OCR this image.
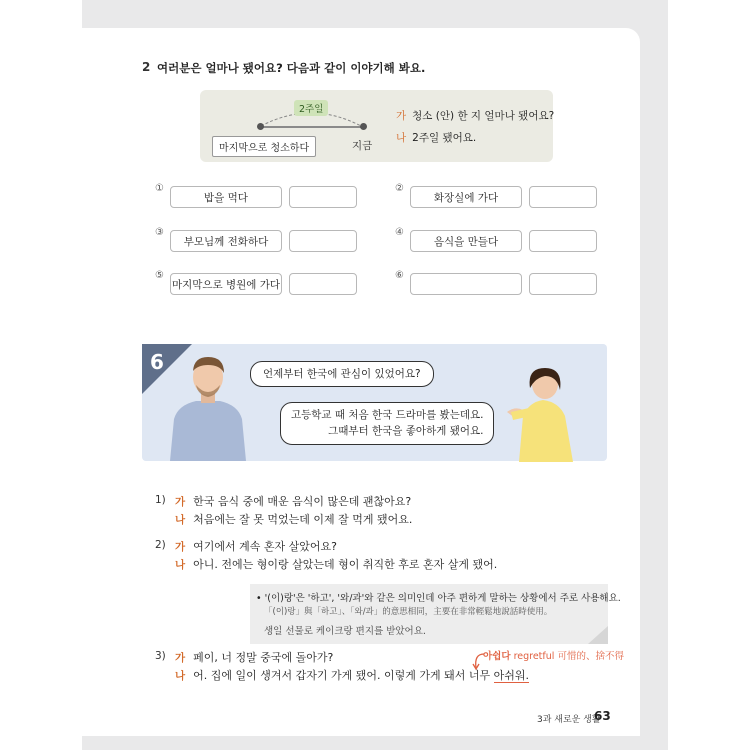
2 여러분은 얼마나 됐어요? 다음과 같이 이야기해 봐요.
2주일
마지막으로 청소하다	지금
가 청소 (안) 한 지 얼마나 됐어요?
나 2주일 됐어요.
①
밥을 먹다
②
화장실에 가다
③
부모님께 전화하다
④
음식을 만들다
⑤
마지막으로 병원에 가다
⑥
6	언제부터 한국에 관심이 있었어요?
고등학교 때 처음 한국 드라마를 봤는데요.
그때부터 한국을 좋아하게 됐어요.
1) 가 한국 음식 중에 매운 음식이 많은데 괜찮아요?
나 처음에는 잘 못 먹었는데 이제 잘 먹게 됐어요.
2) 가 여기에서 계속 혼자 살았어요?
나 아니. 전에는 형이랑 살았는데 형이 취직한 후로 혼자 살게 됐어.
• '(이)랑'은 '하고', '와/과'와 같은 의미인데 아주 편하게 말하는 상황에서 주로 사용해요.
「(이)랑」與「하고」、「와/과」的意思相同，主要在非常輕鬆地說話時使用。
생일 선물로 케이크랑 편지를 받았어요.
3) 가 페이, 너 정말 중국에 돌아가?
나 어. 집에 일이 생겨서 갑자기 가게 됐어. 이렇게 가게 돼서 너무 아쉬워.
아쉽다 regretful 可惜的、捨不得
3과 새로운 생활
63
